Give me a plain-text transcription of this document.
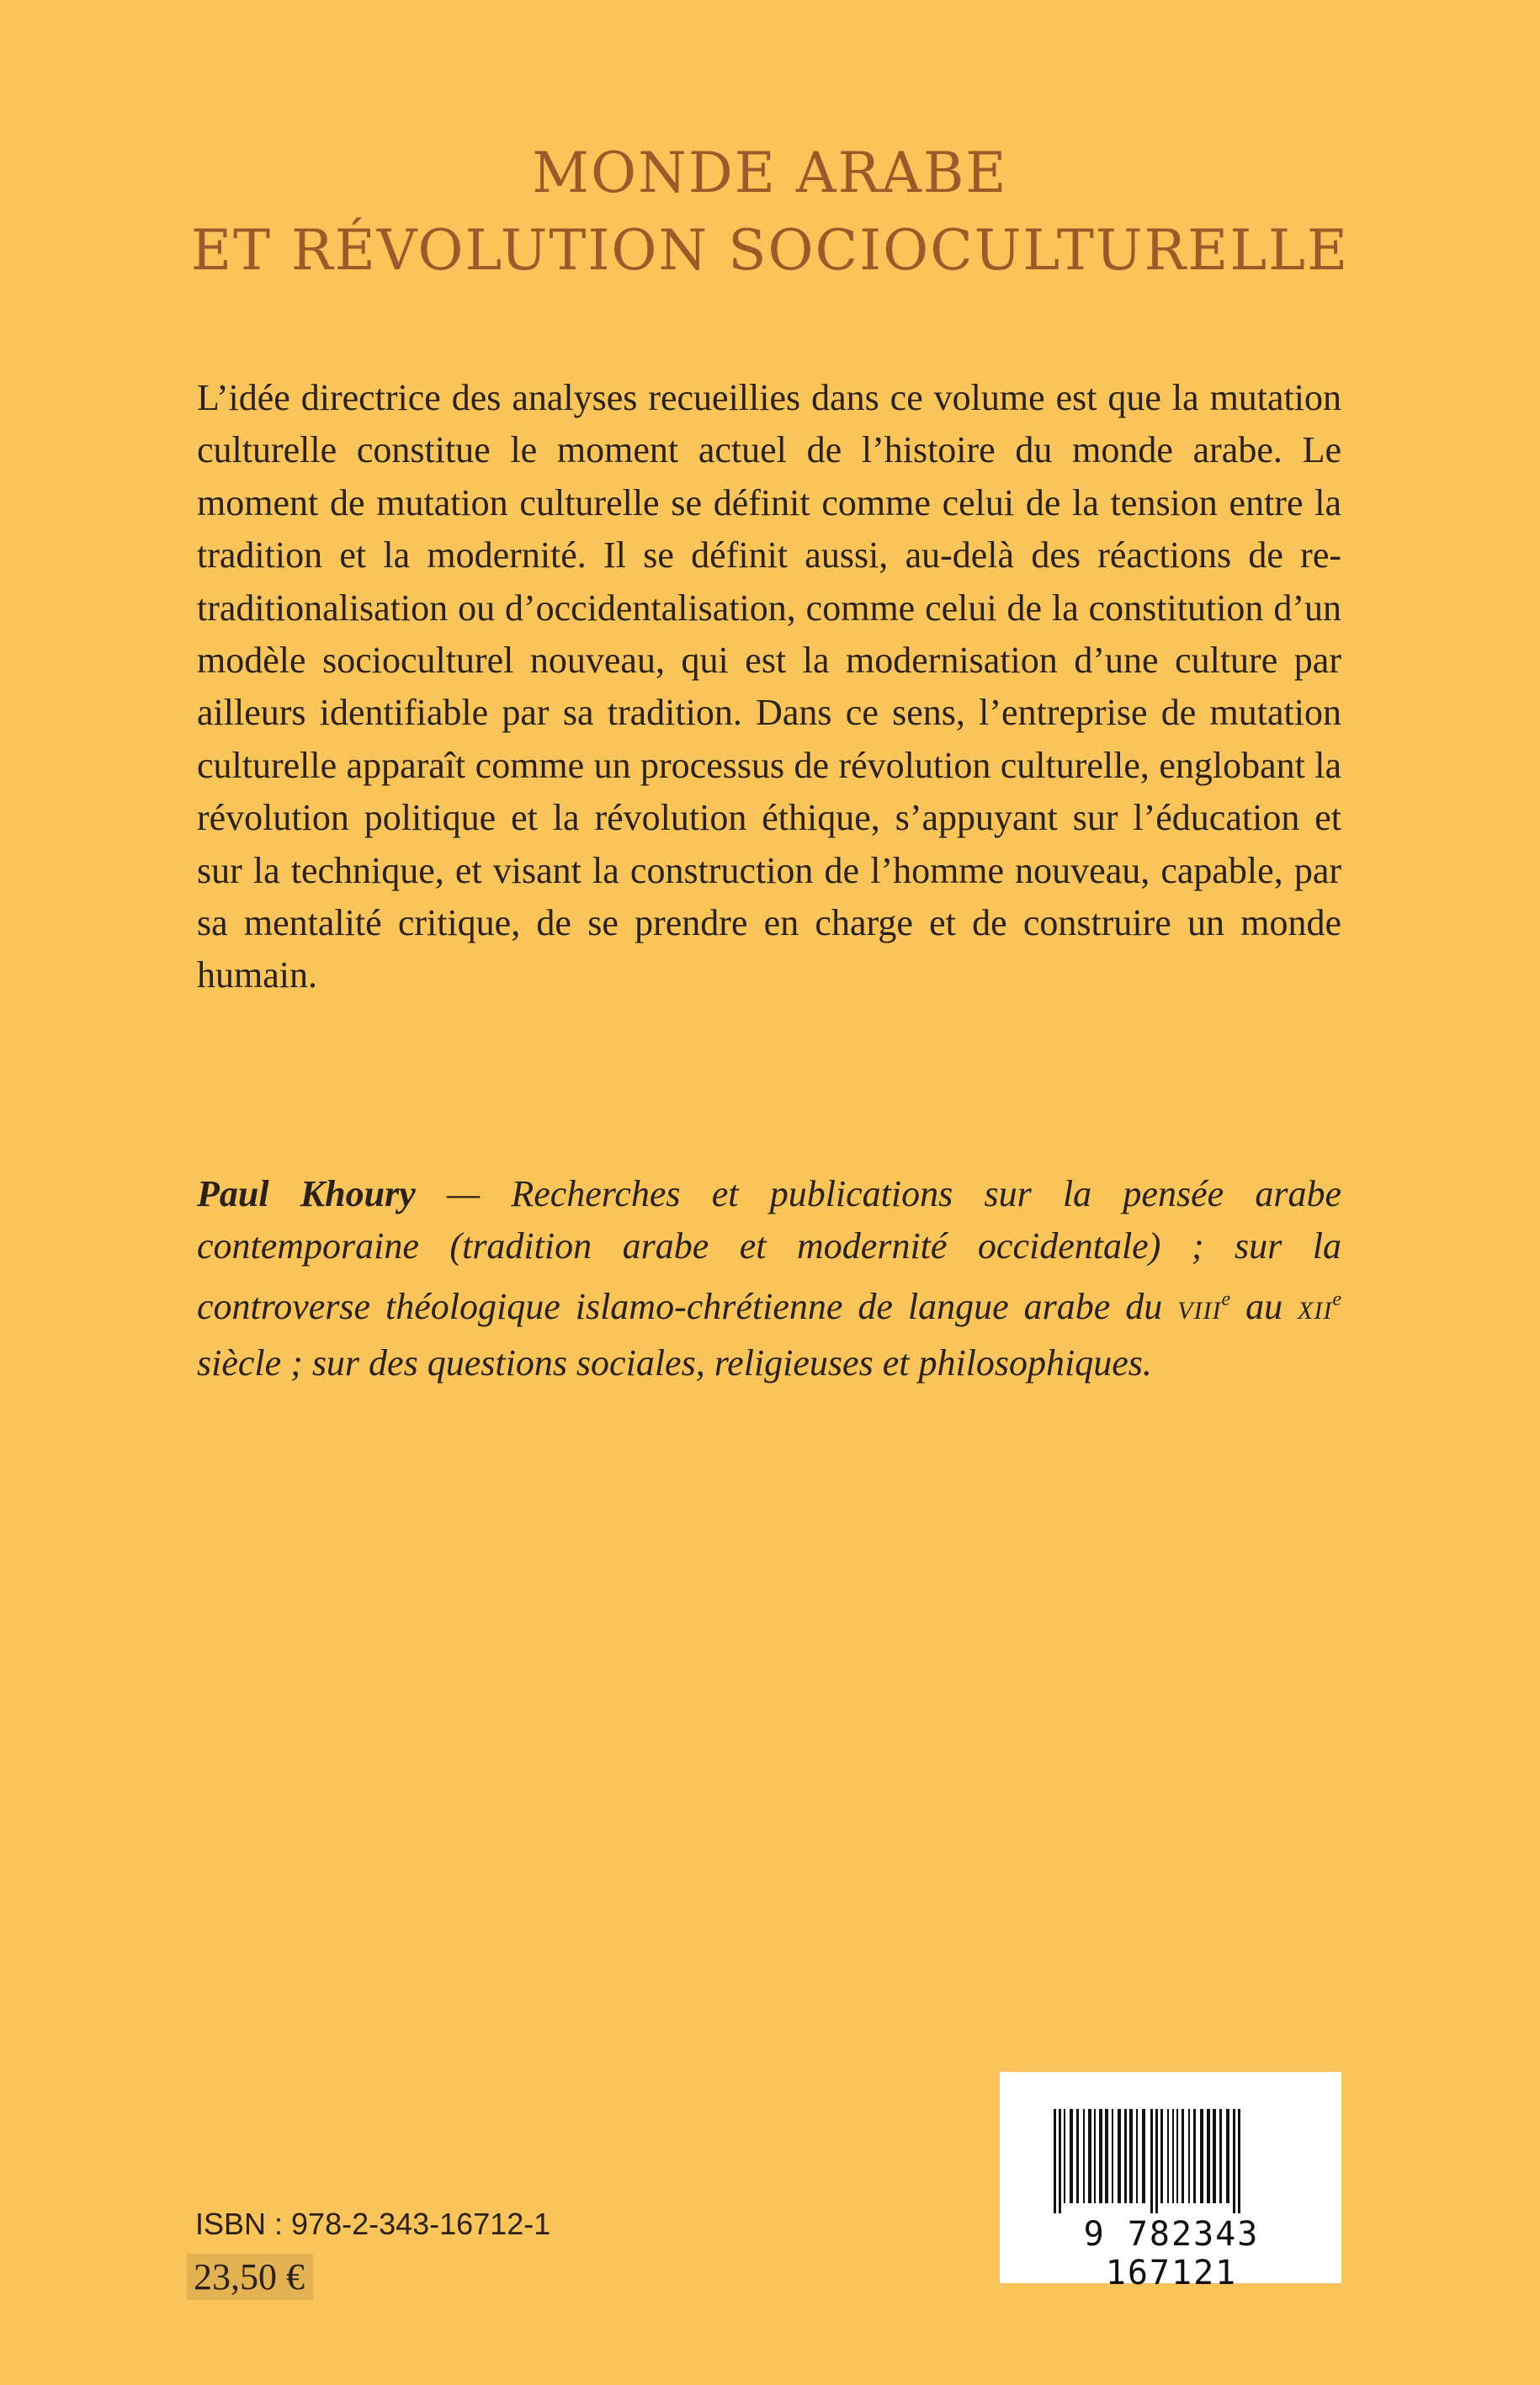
MONDE ARABE
ET RÉVOLUTION SOCIOCULTURELLE

L’idée directrice des analyses recueillies dans ce volume est que la mutation culturelle constitue le moment actuel de l’histoire du monde arabe. Le moment de mutation culturelle se définit comme celui de la tension entre la tradition et la modernité. Il se définit aussi, au-delà des réactions de re-traditionalisation ou d’occidentalisation, comme celui de la constitution d’un modèle socioculturel nouveau, qui est la modernisation d’une culture par ailleurs identifiable par sa tradition. Dans ce sens, l’entreprise de mutation culturelle apparaît comme un processus de révolution culturelle, englobant la révolution politique et la révolution éthique, s’appuyant sur l’éducation et sur la technique, et visant la construction de l’homme nouveau, capable, par sa mentalité critique, de se prendre en charge et de construire un monde humain.

Paul Khoury — Recherches et publications sur la pensée arabe contemporaine (tradition arabe et modernité occidentale) ; sur la controverse théologique islamo-chrétienne de langue arabe du VIIIe au XIIe siècle ; sur des questions sociales, religieuses et philosophiques.

ISBN : 978-2-343-16712-1
23,50 €
9 782343 167121
